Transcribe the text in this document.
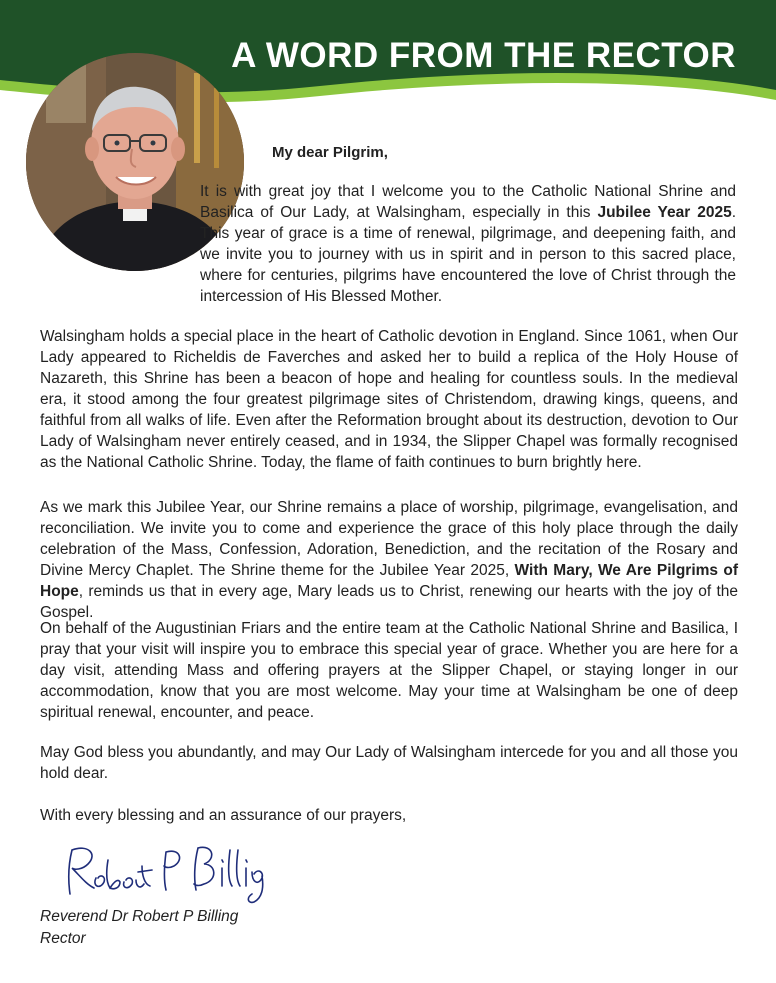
A WORD FROM THE RECTOR

My dear Pilgrim,

It is with great joy that I welcome you to the Catholic National Shrine and Basilica of Our Lady, at Walsingham, especially in this Jubilee Year 2025. This year of grace is a time of renewal, pilgrimage, and deepening faith, and we invite you to journey with us in spirit and in person to this sacred place, where for centuries, pilgrims have encountered the love of Christ through the intercession of His Blessed Mother.

Walsingham holds a special place in the heart of Catholic devotion in England. Since 1061, when Our Lady appeared to Richeldis de Faverches and asked her to build a replica of the Holy House of Nazareth, this Shrine has been a beacon of hope and healing for countless souls. In the medieval era, it stood among the four greatest pilgrimage sites of Christendom, drawing kings, queens, and faithful from all walks of life. Even after the Reformation brought about its destruction, devotion to Our Lady of Walsingham never entirely ceased, and in 1934, the Slipper Chapel was formally recognised as the National Catholic Shrine. Today, the flame of faith continues to burn brightly here.

As we mark this Jubilee Year, our Shrine remains a place of worship, pilgrimage, evangelisation, and reconciliation. We invite you to come and experience the grace of this holy place through the daily celebration of the Mass, Confession, Adoration, Benediction, and the recitation of the Rosary and Divine Mercy Chaplet. The Shrine theme for the Jubilee Year 2025, With Mary, We Are Pilgrims of Hope, reminds us that in every age, Mary leads us to Christ, renewing our hearts with the joy of the Gospel.

On behalf of the Augustinian Friars and the entire team at the Catholic National Shrine and Basilica, I pray that your visit will inspire you to embrace this special year of grace. Whether you are here for a day visit, attending Mass and offering prayers at the Slipper Chapel, or staying longer in our accommodation, know that you are most welcome. May your time at Walsingham be one of deep spiritual renewal, encounter, and peace.

May God bless you abundantly, and may Our Lady of Walsingham intercede for you and all those you hold dear.

With every blessing and an assurance of our prayers,

Reverend Dr Robert P Billing
Rector
